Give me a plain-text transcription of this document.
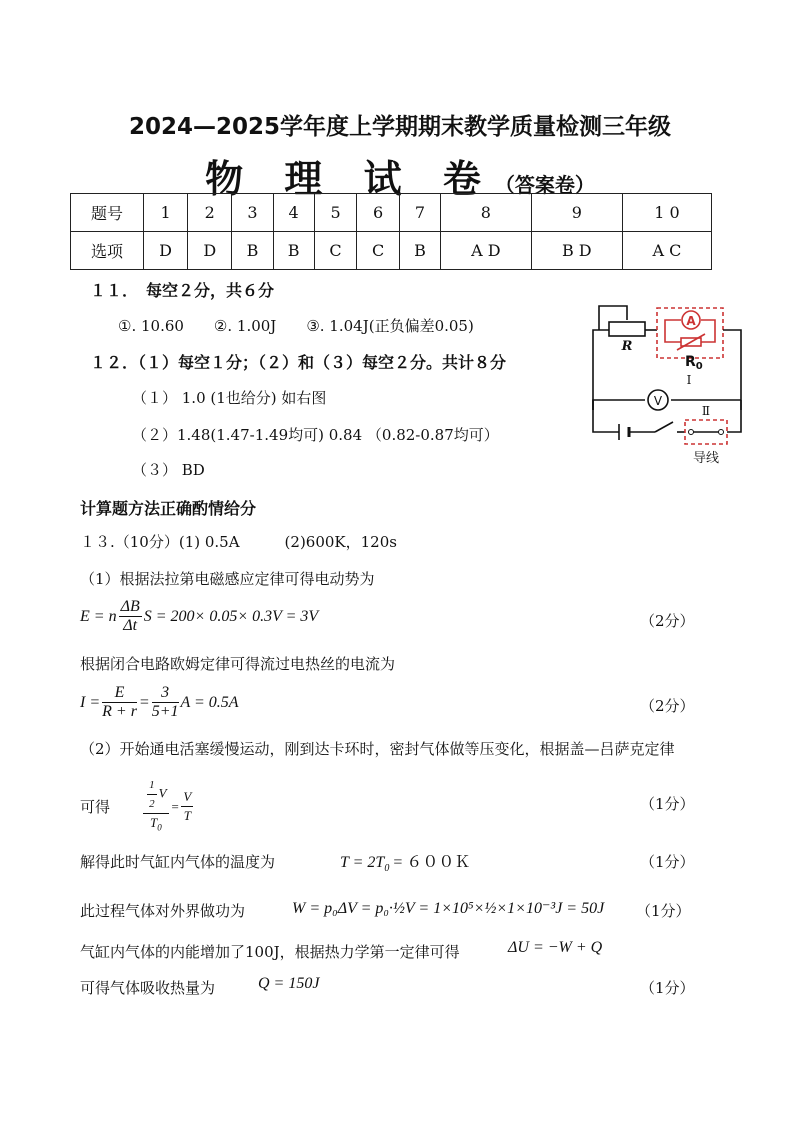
2024—2025学年度上学期期末教学质量检测三年级
物 理 试 卷（答案卷）
题号	1	2	3	4	5	6	7	8	9	1 0
选项	D	D	B	B	C	C	B	A D	B D	A C
１１．　每空２分，共６分
①. 10.60　　②. 1.00J　　③. 1.04J(正负偏差0.05)
１２．（１）每空１分；（２）和（３）每空２分。共计８分
（１） 1.0 (1也给分) 如右图
（２）1.48(1.47-1.49均可) 0.84 （0.82-0.87均可）
（３） BD
A
V
R
$R_0$
I
Ⅱ
导线
计算题方法正确酌情给分
１３.（10分）(1) 0.5A　　　(2)600K，120s
（1）根据法拉第电磁感应定律可得电动势为
E = n $\frac{\Delta B}{\Delta t}$ S = 200× 0.05× 0.3V = 3V	（2分）
根据闭合电路欧姆定律可得流过电热丝的电流为
$I = \frac{E}{R + r} = \frac{3}{5+1}$ A = 0.5A	（2分）
（2）开始通电活塞缓慢运动，刚到达卡环时，密封气体做等压变化，根据盖—吕萨克定律
可得	$\frac{\frac{1}{2} V}{T_0} = \frac{V}{T}$	（1分）
解得此时气缸内气体的温度为	$T = 2T_0$ = ６００Ｋ	（1分）
此过程气体对外界做功为	W = p₀ΔV = p₀·½V = 1×10⁵×½×1×10⁻³J = 50J （1分）
气缸内气体的内能增加了100J，根据热力学第一定律可得	ΔU = −W + Q
可得气体吸收热量为	Q = 150J	（1分）
